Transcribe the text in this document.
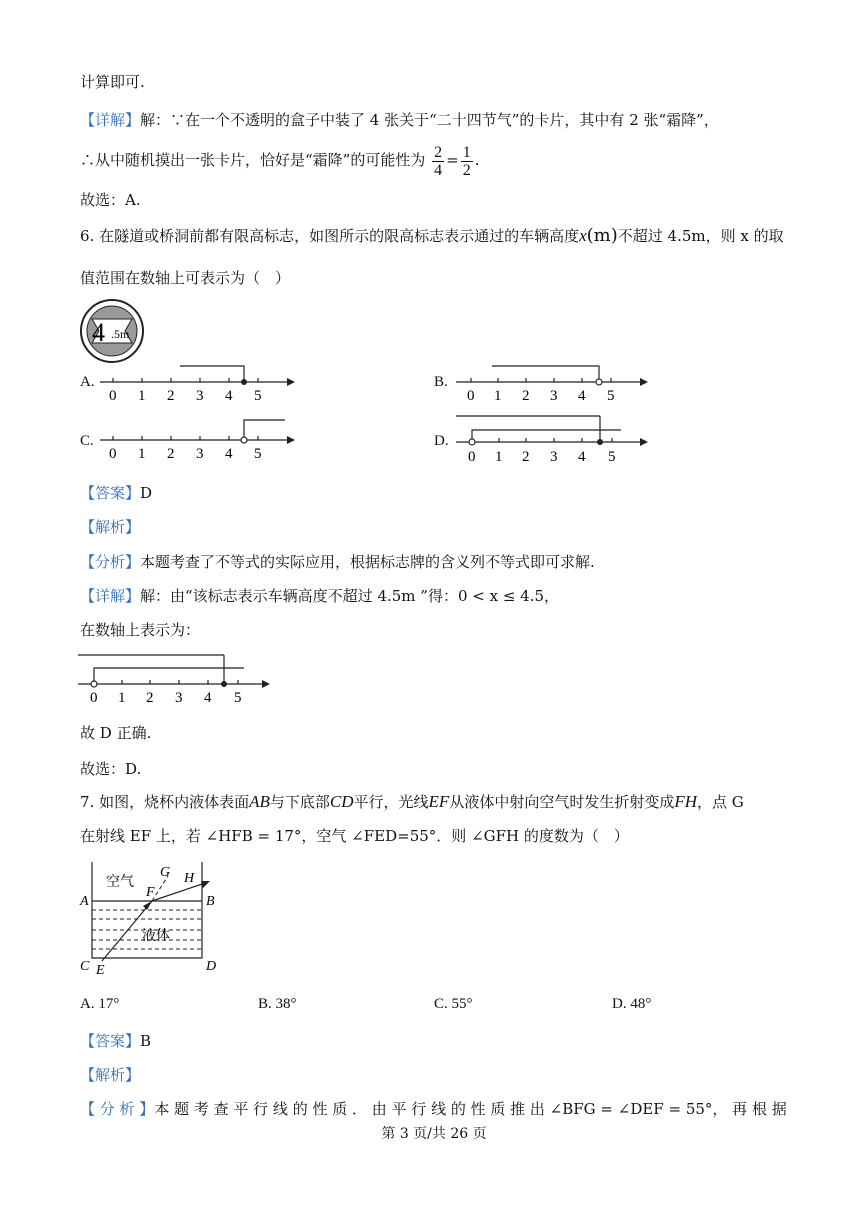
计算即可.
【详解】解：∵在一个不透明的盒子中装了 4 张关于“二十四节气”的卡片，其中有 2 张“霜降”，
∴从中随机摸出一张卡片，恰好是“霜降”的可能性为 $\frac{2}{4} = \frac{1}{2}$ .
故选：A.
6. 在隧道或桥洞前都有限高标志，如图所示的限高标志表示通过的车辆高度x(m)不超过 4.5m，则 x 的取
值范围在数轴上可表示为（　）
4 .5m
A.
0 1 2 3 4 5
B.
0 1 2 3 4 5
C.
0 1 2 3 4 5
D.
0 1 2 3 4 5
【答案】D
【解析】
【分析】本题考查了不等式的实际应用，根据标志牌的含义列不等式即可求解.
【详解】解：由“该标志表示车辆高度不超过 4.5m ”得：0 < x ≤ 4.5，
在数轴上表示为：
0 1 2 3 4 5
故 D 正确.
故选：D.
7. 如图，烧杯内液体表面AB与下底部CD平行，光线EF从液体中射向空气时发生折射变成FH，点 G
在射线 EF 上，若 ∠HFB = 17°，空气 ∠FED=55°．则 ∠GFH 的度数为（　）
空气
液体
A	B
C	D
E
F
G H
A. 17°	B. 38°	C. 55°	D. 48°
【答案】B
【解析】
【 分 析 】本 题 考 查 平 行 线 的 性 质 ． 由 平 行 线 的 性 质 推 出 ∠BFG = ∠DEF = 55°， 再 根 据
第 3 页/共 26 页
